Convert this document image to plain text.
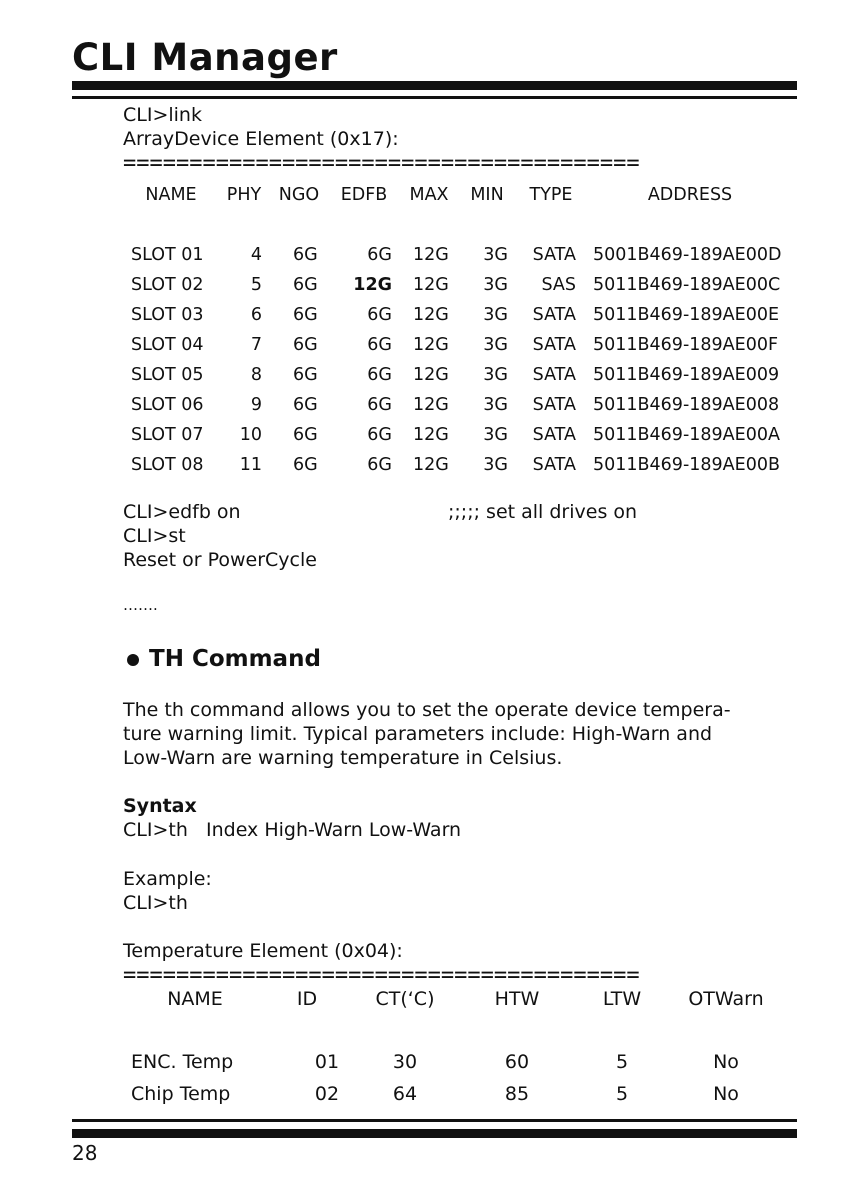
CLI Manager
CLI>link
ArrayDevice Element (0x17):
=======================================
NAME	PHY NGO EDFB	MAX	MIN	TYPE	ADDRESS
SLOT 01	4 6G	6G 12G	3G	SATA 5001B469-189AE00D
SLOT 02	5 6G	12G 12G	3G	SAS 5011B469-189AE00C
SLOT 03	6 6G	6G 12G	3G	SATA 5011B469-189AE00E
SLOT 04	7 6G	6G 12G	3G	SATA 5011B469-189AE00F
SLOT 05	8 6G	6G 12G	3G	SATA 5011B469-189AE009
SLOT 06	9 6G	6G 12G	3G	SATA 5011B469-189AE008
SLOT 07	10 6G	6G 12G	3G	SATA 5011B469-189AE00A
SLOT 08	11 6G	6G 12G	3G	SATA 5011B469-189AE00B
CLI>edfb on	;;;;; set all drives on
CLI>st
Reset or PowerCycle
…….
TH Command
The th command allows you to set the operate device tempera-
ture warning limit. Typical parameters include: High-Warn and
Low-Warn are warning temperature in Celsius.
Syntax
CLI>th   Index High-Warn Low-Warn
Example:
CLI>th
Temperature Element (0x04):
=======================================
NAME	ID	CT(‘C)	HTW	LTW	OTWarn
ENC. Temp	01	30	60	5	No
Chip Temp	02	64	85	5	No
28
